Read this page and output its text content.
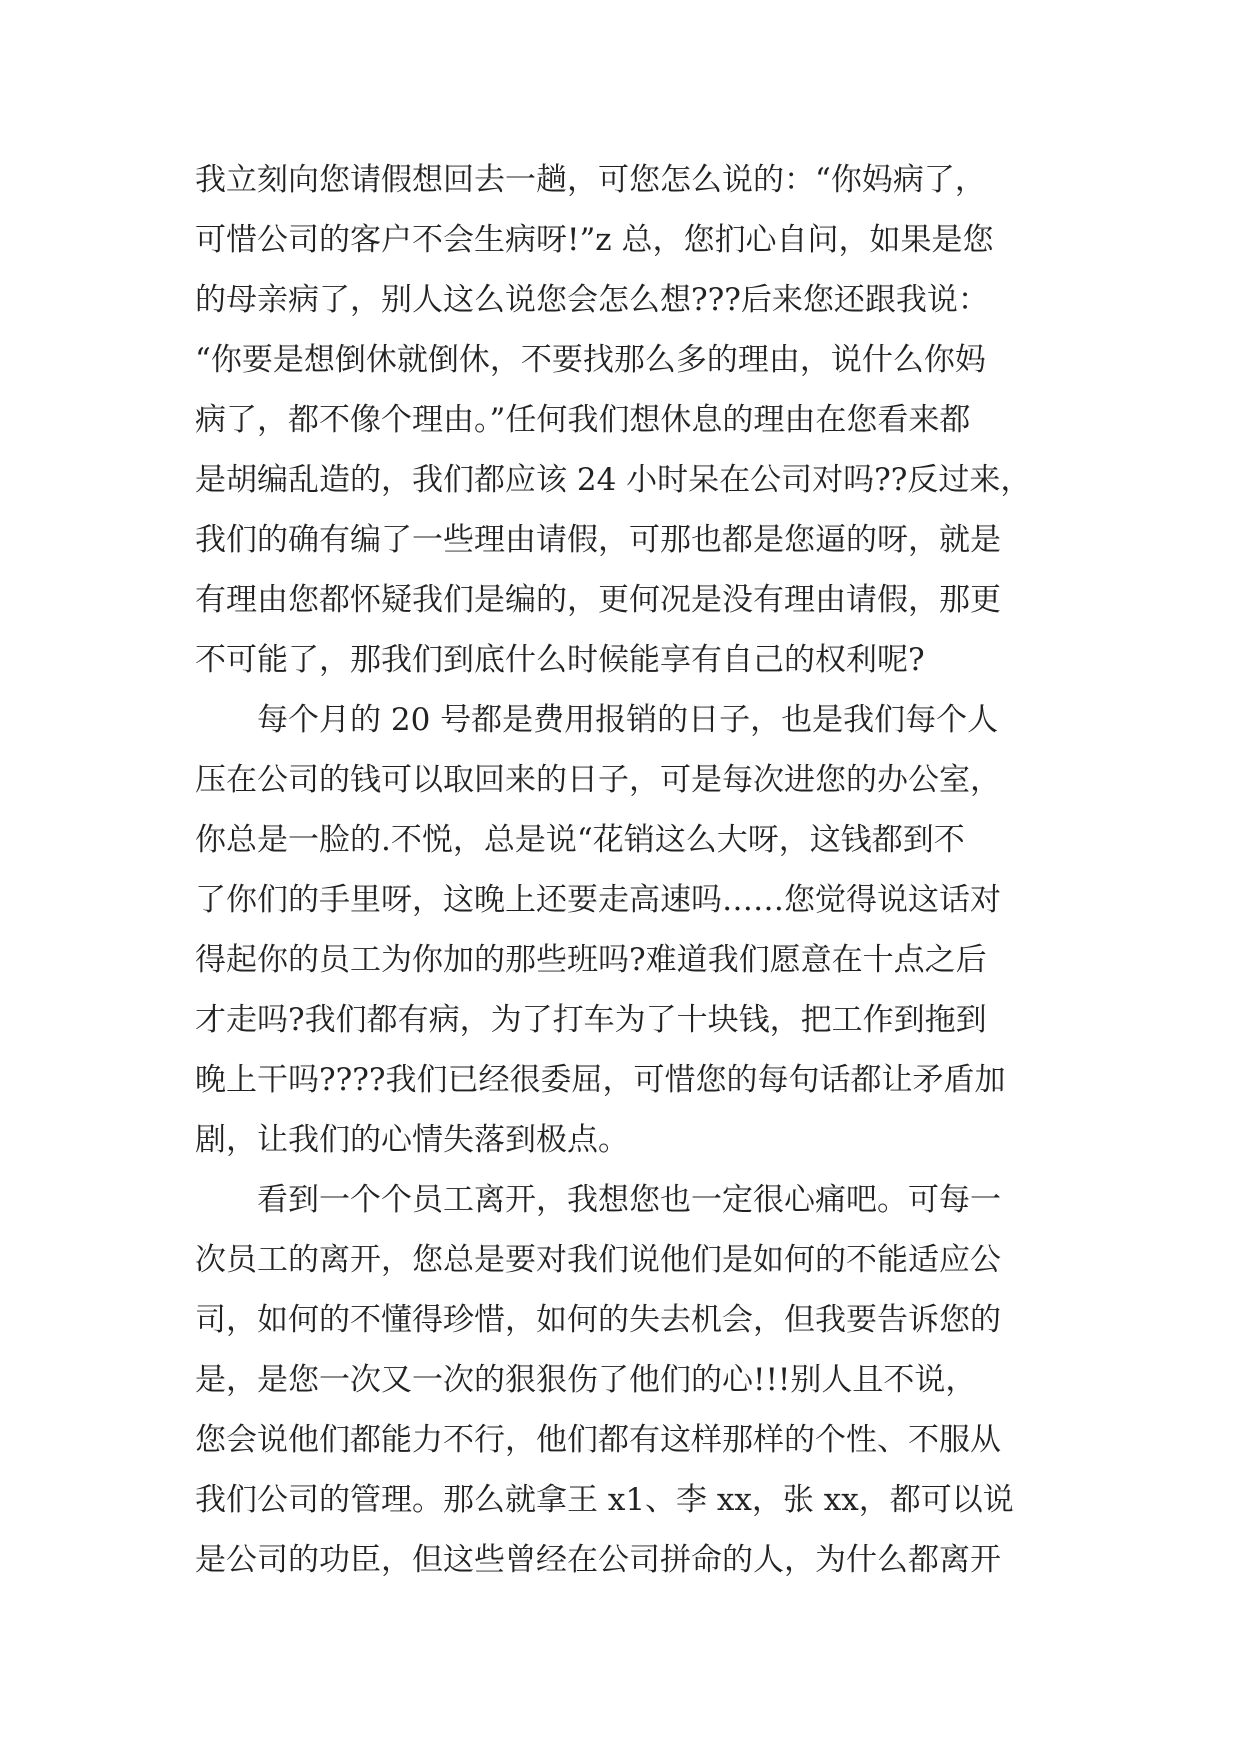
我立刻向您请假想回去一趟，可您怎么说的：“你妈病了，
可惜公司的客户不会生病呀!”z 总，您扪心自问，如果是您
的母亲病了，别人这么说您会怎么想???后来您还跟我说：
“你要是想倒休就倒休，不要找那么多的理由，说什么你妈
病了，都不像个理由。”任何我们想休息的理由在您看来都
是胡编乱造的，我们都应该 24 小时呆在公司对吗??反过来，
我们的确有编了一些理由请假，可那也都是您逼的呀，就是
有理由您都怀疑我们是编的，更何况是没有理由请假，那更
不可能了，那我们到底什么时候能享有自己的权利呢?
　　每个月的 20 号都是费用报销的日子，也是我们每个人
压在公司的钱可以取回来的日子，可是每次进您的办公室，
你总是一脸的.不悦，总是说“花销这么大呀，这钱都到不
了你们的手里呀，这晚上还要走高速吗……您觉得说这话对
得起你的员工为你加的那些班吗?难道我们愿意在十点之后
才走吗?我们都有病，为了打车为了十块钱，把工作到拖到
晚上干吗????我们已经很委屈，可惜您的每句话都让矛盾加
剧，让我们的心情失落到极点。
　　看到一个个员工离开，我想您也一定很心痛吧。可每一
次员工的离开，您总是要对我们说他们是如何的不能适应公
司，如何的不懂得珍惜，如何的失去机会，但我要告诉您的
是，是您一次又一次的狠狠伤了他们的心!!!别人且不说，
您会说他们都能力不行，他们都有这样那样的个性、不服从
我们公司的管理。那么就拿王 x1、李 xx，张 xx，都可以说
是公司的功臣，但这些曾经在公司拼命的人，为什么都离开
